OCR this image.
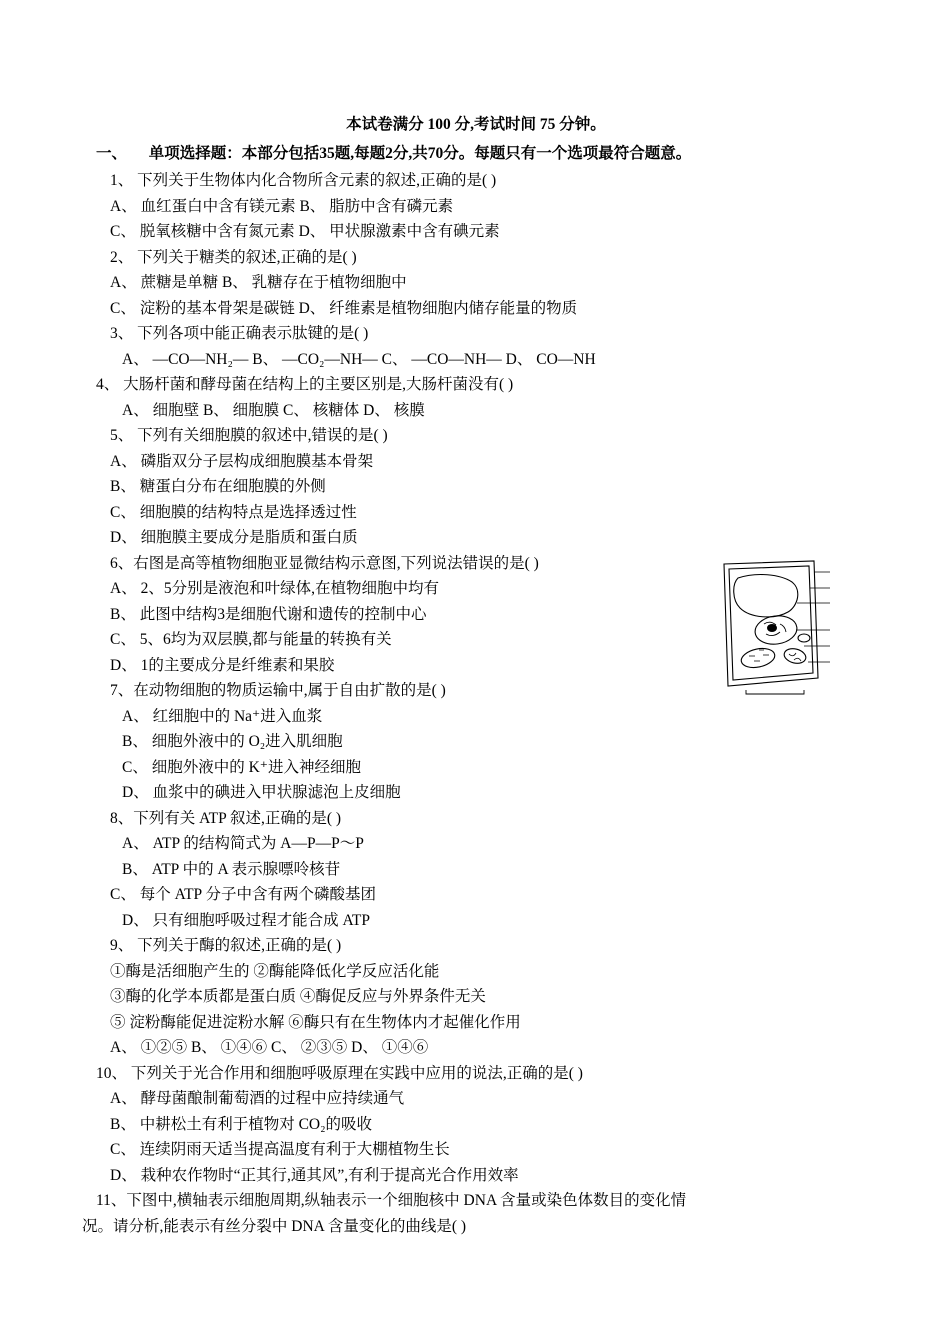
本试卷满分 100 分,考试时间 75 分钟。
一、 单项选择题：本部分包括35题,每题2分,共70分。每题只有一个选项最符合题意。
1、 下列关于生物体内化合物所含元素的叙述,正确的是( )
A、 血红蛋白中含有镁元素 B、 脂肪中含有磷元素
C、 脱氧核糖中含有氮元素 D、 甲状腺激素中含有碘元素
2、 下列关于糖类的叙述,正确的是( )
A、 蔗糖是单糖 B、 乳糖存在于植物细胞中
C、 淀粉的基本骨架是碳链 D、 纤维素是植物细胞内储存能量的物质
3、 下列各项中能正确表示肽键的是( )
A、 —CO—NH₂— B、 —CO₂—NH— C、 —CO—NH— D、 CO—NH
4、 大肠杆菌和酵母菌在结构上的主要区别是,大肠杆菌没有( )
A、 细胞壁 B、 细胞膜 C、 核糖体 D、 核膜
5、 下列有关细胞膜的叙述中,错误的是( )
A、 磷脂双分子层构成细胞膜基本骨架
B、 糖蛋白分布在细胞膜的外侧
C、 细胞膜的结构特点是选择透过性
D、 细胞膜主要成分是脂质和蛋白质
6、右图是高等植物细胞亚显微结构示意图,下列说法错误的是( )
A、 2、5分别是液泡和叶绿体,在植物细胞中均有
B、 此图中结构3是细胞代谢和遗传的控制中心
C、 5、6均为双层膜,都与能量的转换有关
D、 1的主要成分是纤维素和果胶
7、在动物细胞的物质运输中,属于自由扩散的是( )
A、 红细胞中的 Na⁺进入血浆
B、 细胞外液中的 O₂进入肌细胞
C、 细胞外液中的 K⁺进入神经细胞
D、 血浆中的碘进入甲状腺滤泡上皮细胞
8、下列有关 ATP 叙述,正确的是( )
A、 ATP 的结构简式为 A—P—P～P
B、 ATP 中的 A 表示腺嘌呤核苷
C、 每个 ATP 分子中含有两个磷酸基团
D、 只有细胞呼吸过程才能合成 ATP
9、 下列关于酶的叙述,正确的是( )
①酶是活细胞产生的 ②酶能降低化学反应活化能
③酶的化学本质都是蛋白质 ④酶促反应与外界条件无关
⑤ 淀粉酶能促进淀粉水解 ⑥酶只有在生物体内才起催化作用
A、 ①②⑤ B、 ①④⑥ C、 ②③⑤ D、 ①④⑥
10、 下列关于光合作用和细胞呼吸原理在实践中应用的说法,正确的是( )
A、 酵母菌酿制葡萄酒的过程中应持续通气
B、 中耕松土有利于植物对 CO₂的吸收
C、 连续阴雨天适当提高温度有利于大棚植物生长
D、 栽种农作物时“正其行,通其风”,有利于提高光合作用效率
11、下图中,横轴表示细胞周期,纵轴表示一个细胞核中 DNA 含量或染色体数目的变化情
况。请分析,能表示有丝分裂中 DNA 含量变化的曲线是( )
